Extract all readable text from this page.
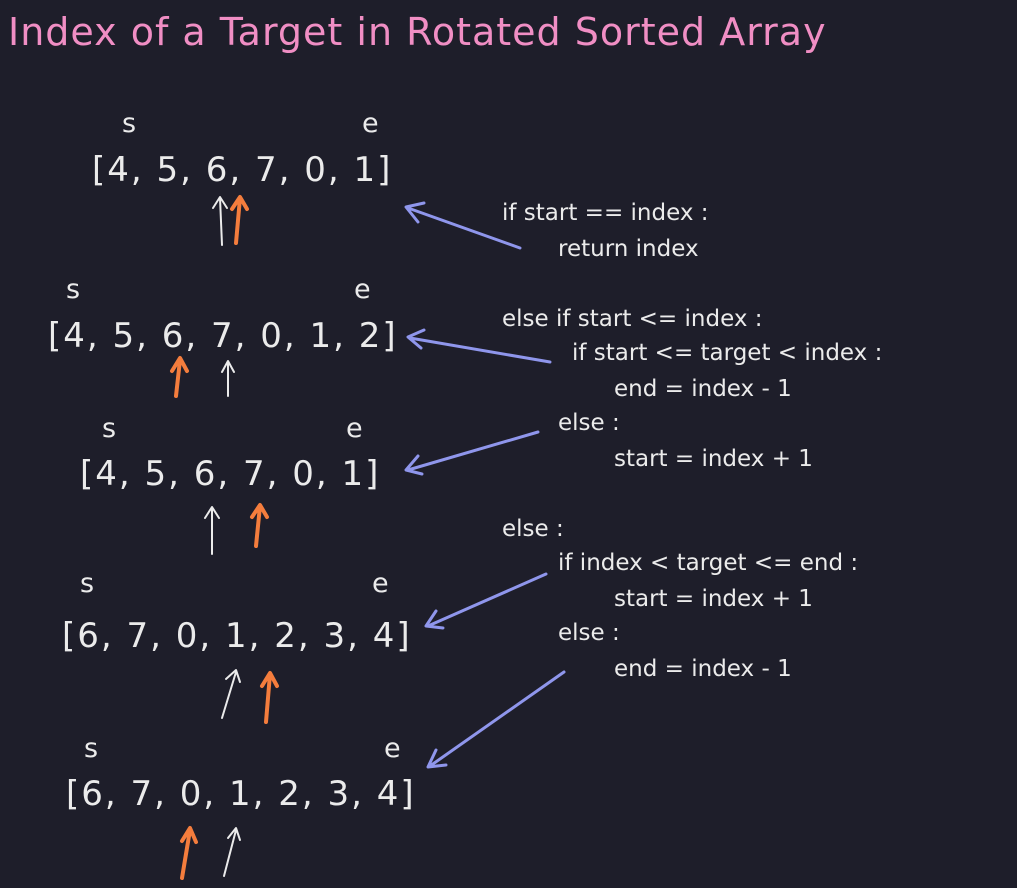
Index of a Target in Rotated Sorted Array
s	e
[4, 5, 6, 7, 0, 1]
s	e
[4, 5, 6, 7, 0, 1, 2]
s	e
[4, 5, 6, 7, 0, 1]
s	e
[6, 7, 0, 1, 2, 3, 4]
s	e
[6, 7, 0, 1, 2, 3, 4]
if start == index :
return index
else if start <= index :
if start <= target < index :
end = index - 1
else :
start = index + 1
else :
if index < target <= end :
start = index + 1
else :
end = index - 1
